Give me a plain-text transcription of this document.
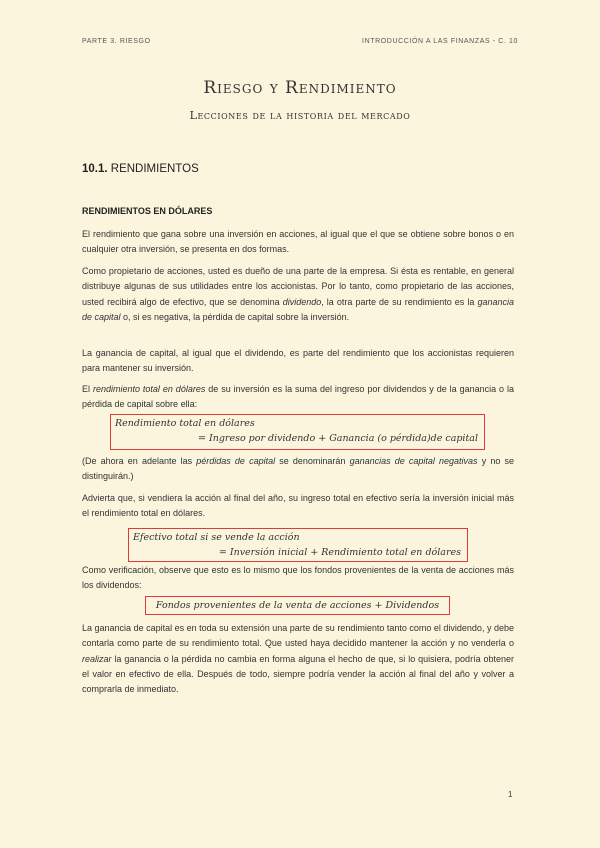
PARTE 3. RIESGO	INTRODUCCIÓN A LAS FINANZAS - C. 10
Riesgo y Rendimiento
Lecciones de la historia del mercado
10.1. RENDIMIENTOS
RENDIMIENTOS EN DÓLARES

El rendimiento que gana sobre una inversión en acciones, al igual que el que se obtiene sobre bonos o en cualquier otra inversión, se presenta en dos formas.

Como propietario de acciones, usted es dueño de una parte de la empresa. Si ésta es rentable, en general distribuye algunas de sus utilidades entre los accionistas. Por lo tanto, como propietario de las acciones, usted recibirá algo de efectivo, que se denomina dividendo, la otra parte de su rendimiento es la ganancia de capital o, si es negativa, la pérdida de capital sobre la inversión.

La ganancia de capital, al igual que el dividendo, es parte del rendimiento que los accionistas requieren para mantener su inversión.

El rendimiento total en dólares de su inversión es la suma del ingreso por dividendos y de la ganancia o la pérdida de capital sobre ella:

Rendimiento total en dólares
= Ingreso por dividendo + Ganancia (o pérdida)de capital

(De ahora en adelante las pérdidas de capital se denominarán ganancias de capital negativas y no se distinguirán.)

Advierta que, si vendiera la acción al final del año, su ingreso total en efectivo sería la inversión inicial más el rendimiento total en dólares.

Efectivo total si se vende la acción
= Inversión inicial + Rendimiento total en dólares

Como verificación, observe que esto es lo mismo que los fondos provenientes de la venta de acciones más los dividendos:

Fondos provenientes de la venta de acciones + Dividendos

La ganancia de capital es en toda su extensión una parte de su rendimiento tanto como el dividendo, y debe contarla como parte de su rendimiento total. Que usted haya decidido mantener la acción y no venderla o realizar la ganancia o la pérdida no cambia en forma alguna el hecho de que, si lo quisiera, podría obtener el valor en efectivo de ella. Después de todo, siempre podría vender la acción al final del año y volver a comprarla de inmediato.

1
